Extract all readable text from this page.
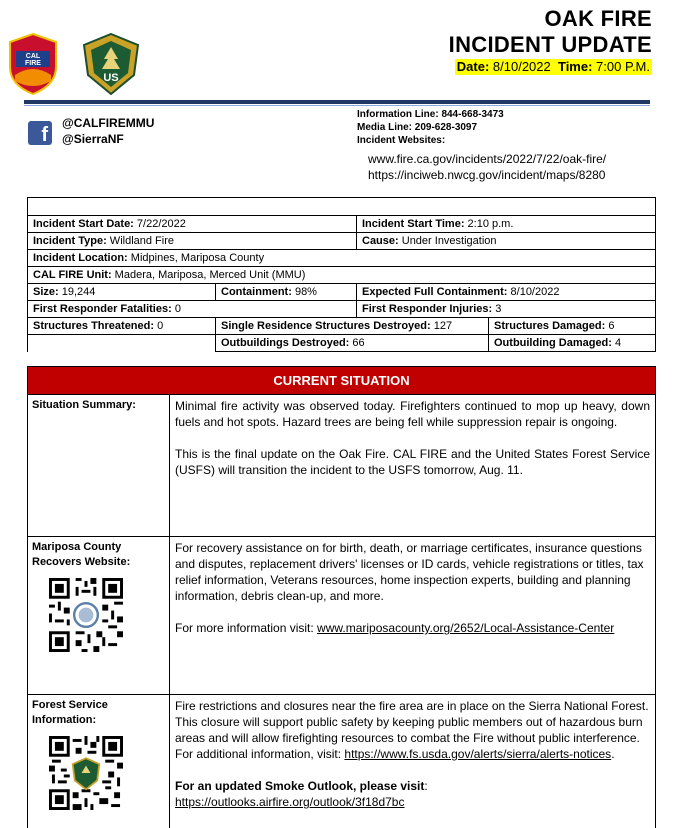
CAL
FIRE
US
OAK FIRE
INCIDENT UPDATE
Date: 8/10/2022 Time: 7:00 P.M.
f
@CALFIREMMU
@SierraNF
Information Line: 844-668-3473
Media Line: 209-628-3097
Incident Websites:
www.fire.ca.gov/incidents/2022/7/22/oak-fire/
https://inciweb.nwcg.gov/incident/maps/8280

Incident Start Date: 7/22/2022		Incident Start Time: 2:10 p.m.	
Incident Type: Wildland Fire		Cause: Under Investigation	
Incident Location: Midpines, Mariposa County			
CAL FIRE Unit: Madera, Mariposa, Merced Unit (MMU)			
Size: 19,244	Containment: 98%	Expected Full Containment: 8/10/2022	
First Responder Fatalities: 0		First Responder Injuries: 3	
Structures Threatened: 0	Single Residence Structures Destroyed: 127		Structures Damaged: 6
	Outbuildings Destroyed: 66		Outbuilding Damaged: 4
CURRENT SITUATION	
Situation Summary:	Minimal fire activity was observed today. Firefighters continued to mop up heavy, down fuels and hot spots. Hazard trees are being fell while suppression repair is ongoing.

This is the final update on the Oak Fire. CAL FIRE and the United States Forest Service (USFS) will transition the incident to the USFS tomorrow, Aug. 11.

Mariposa County Recovers Website:	For recovery assistance on for birth, death, or marriage certificates, insurance questions and disputes, replacement drivers' licenses or ID cards, vehicle registrations or titles, tax relief information, Veterans resources, home inspection experts, building and planning information, debris clean-up, and more.

For more information visit: www.mariposacounty.org/2652/Local-Assistance-Center

Forest Service Information:	Fire restrictions and closures near the fire area are in place on the Sierra National Forest. This closure will support public safety by keeping public members out of hazardous burn areas and will allow firefighting resources to combat the Fire without public interference. For additional information, visit: https://www.fs.usda.gov/alerts/sierra/alerts-notices.

For an updated Smoke Outlook, please visit:
https://outlooks.airfire.org/outlook/3f18d7bc
